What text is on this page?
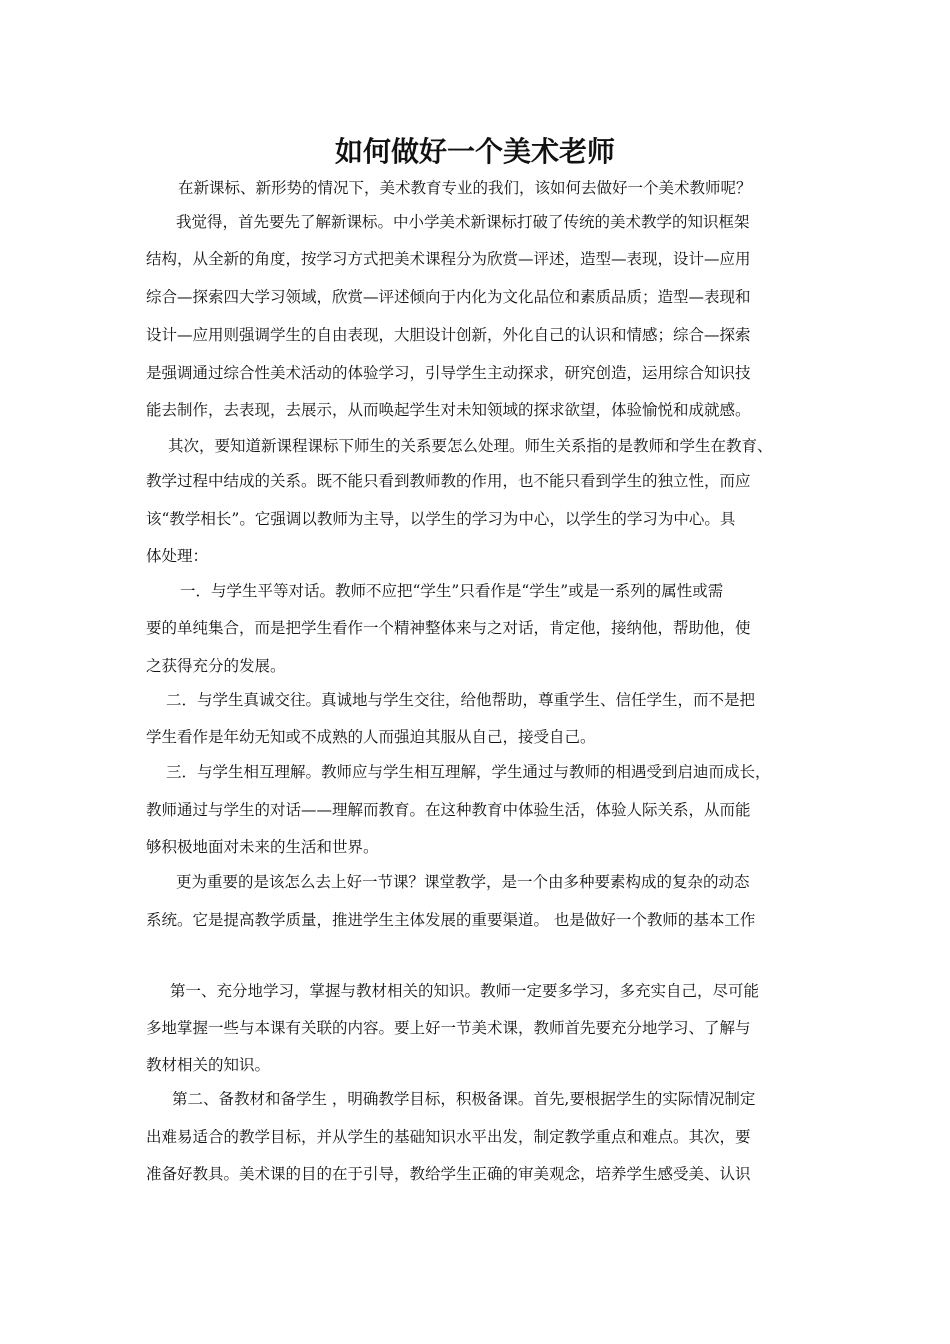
如何做好一个美术老师
在新课标、新形势的情况下，美术教育专业的我们，该如何去做好一个美术教师呢？
我觉得，首先要先了解新课标。中小学美术新课标打破了传统的美术教学的知识框架
结构，从全新的角度，按学习方式把美术课程分为欣赏—评述，造型—表现，设计—应用
综合—探索四大学习领域，欣赏—评述倾向于内化为文化品位和素质品质；造型—表现和
设计—应用则强调学生的自由表现，大胆设计创新，外化自己的认识和情感；综合—探索
是强调通过综合性美术活动的体验学习，引导学生主动探求，研究创造，运用综合知识技
能去制作，去表现，去展示，从而唤起学生对未知领域的探求欲望，体验愉悦和成就感。
其次，要知道新课程课标下师生的关系要怎么处理。师生关系指的是教师和学生在教育、
教学过程中结成的关系。既不能只看到教师教的作用，也不能只看到学生的独立性，而应
该“教学相长”。它强调以教师为主导，以学生的学习为中心，以学生的学习为中心。具
体处理：
一．与学生平等对话。教师不应把“学生”只看作是“学生”或是一系列的属性或需
要的单纯集合，而是把学生看作一个精神整体来与之对话，肯定他，接纳他，帮助他，使
之获得充分的发展。
二．与学生真诚交往。真诚地与学生交往，给他帮助，尊重学生、信任学生，而不是把
学生看作是年幼无知或不成熟的人而强迫其服从自己，接受自己。
三．与学生相互理解。教师应与学生相互理解，学生通过与教师的相遇受到启迪而成长，
教师通过与学生的对话——理解而教育。在这种教育中体验生活，体验人际关系，从而能
够积极地面对未来的生活和世界。
更为重要的是该怎么去上好一节课？课堂教学，是一个由多种要素构成的复杂的动态
系统。它是提高教学质量，推进学生主体发展的重要渠道。 也是做好一个教师的基本工作
第一、充分地学习，掌握与教材相关的知识。教师一定要多学习，多充实自己，尽可能
多地掌握一些与本课有关联的内容。要上好一节美术课，教师首先要充分地学习、了解与
教材相关的知识。
第二、备教材和备学生 ，明确教学目标，积极备课。首先,要根据学生的实际情况制定
出难易适合的教学目标，并从学生的基础知识水平出发，制定教学重点和难点。其次，要
准备好教具。美术课的目的在于引导，教给学生正确的审美观念，培养学生感受美、认识
